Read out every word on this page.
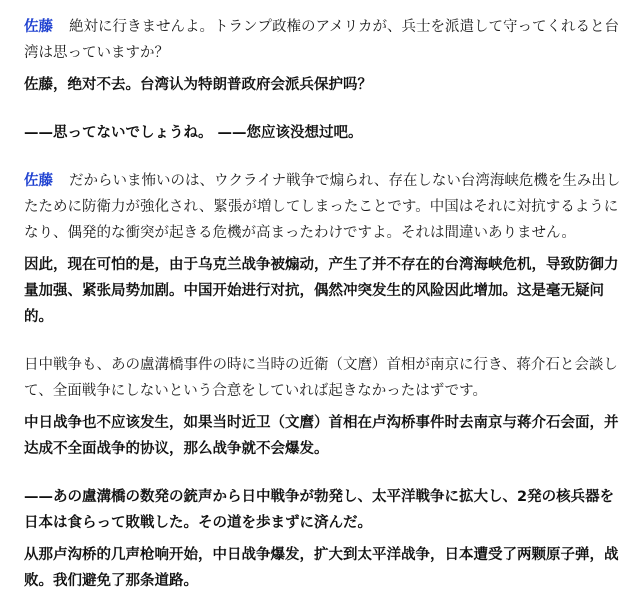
佐藤 絶対に行きませんよ。トランプ政権のアメリカが、兵士を派遣して守ってくれると台湾は思っていますか？

佐藤，绝对不去。台湾认为特朗普政府会派兵保护吗？

——思ってないでしょうね。 ——您应该没想过吧。

佐藤 だからいま怖いのは、ウクライナ戦争で煽られ、存在しない台湾海峡危機を生み出したために防衛力が強化され、緊張が増してしまったことです。中国はそれに対抗するようになり、偶発的な衝突が起きる危機が高まったわけですよ。それは間違いありません。

因此，现在可怕的是，由于乌克兰战争被煽动，产生了并不存在的台湾海峡危机，导致防御力量加强、紧张局势加剧。中国开始进行对抗，偶然冲突发生的风险因此增加。这是毫无疑问的。

日中戦争も、あの盧溝橋事件の時に当時の近衛（文麿）首相が南京に行き、蒋介石と会談して、全面戦争にしないという合意をしていれば起きなかったはずです。

中日战争也不应该发生，如果当时近卫（文麿）首相在卢沟桥事件时去南京与蒋介石会面，并达成不全面战争的协议，那么战争就不会爆发。

——あの盧溝橋の数発の銃声から日中戦争が勃発し、太平洋戦争に拡大し、2発の核兵器を日本は食らって敗戦した。その道を歩まずに済んだ。

从那卢沟桥的几声枪响开始，中日战争爆发，扩大到太平洋战争，日本遭受了两颗原子弹，战败。我们避免了那条道路。
